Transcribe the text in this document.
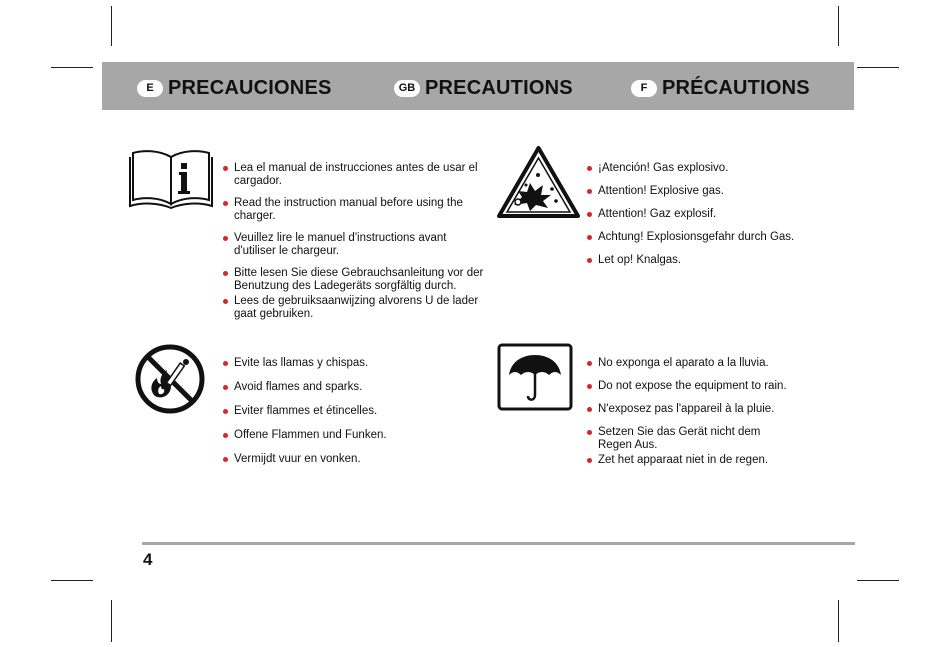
E PRECAUCIONES	GB PRECAUTIONS	F PRÉCAUTIONS
Lea el manual de instrucciones antes de usar el cargador.
Read the instruction manual before using the charger.
Veuillez lire le manuel d'instructions avant d'utiliser le chargeur.
Bitte lesen Sie diese Gebrauchsanleitung vor der Benutzung des Ladegeräts sorgfältig durch.
Lees de gebruiksaanwijzing alvorens U de lader gaat gebruiken.
¡Atención! Gas explosivo.
Attention! Explosive gas.
Attention! Gaz explosif.
Achtung! Explosionsgefahr durch Gas.
Let op! Knalgas.
Evite las llamas y chispas.
Avoid flames and sparks.
Eviter flammes et étincelles.
Offene Flammen und Funken.
Vermijdt vuur en vonken.
No exponga el aparato a la lluvia.
Do not expose the equipment to rain.
N'exposez pas l'appareil à la pluie.
Setzen Sie das Gerät nicht dem Regen Aus.
Zet het apparaat niet in de regen.
4
